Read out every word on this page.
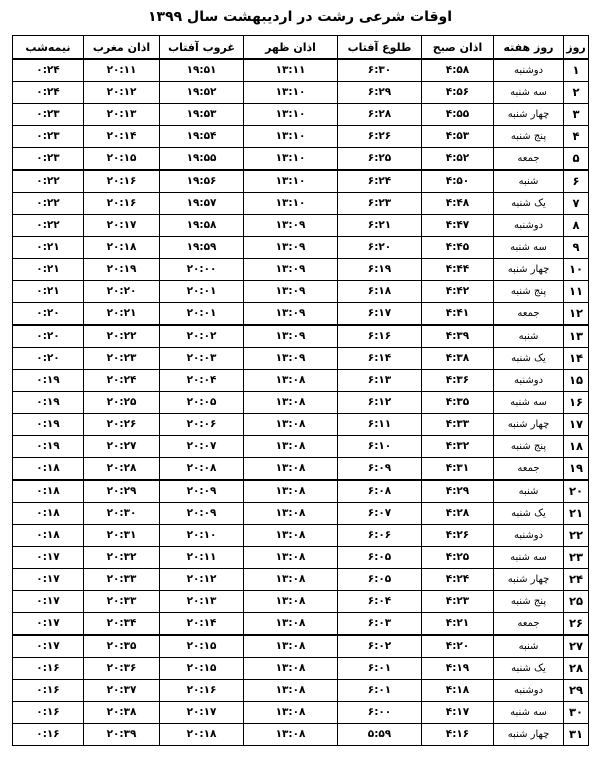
اوقات شرعی رشت در اردیبهشت سال ۱۳۹۹
روز	روز هفته	اذان صبح	طلوع آفتاب	اذان ظهر	غروب آفتاب	اذان مغرب	نیمه‌شب
۱	دوشنبه	۴:۵۸	۶:۳۰	۱۳:۱۱	۱۹:۵۱	۲۰:۱۱	۰:۲۴
۲	سه شنبه	۴:۵۶	۶:۲۹	۱۳:۱۰	۱۹:۵۲	۲۰:۱۲	۰:۲۴
۳	چهار شنبه	۴:۵۵	۶:۲۸	۱۳:۱۰	۱۹:۵۳	۲۰:۱۳	۰:۲۳
۴	پنج شنبه	۴:۵۳	۶:۲۶	۱۳:۱۰	۱۹:۵۴	۲۰:۱۴	۰:۲۳
۵	جمعه	۴:۵۲	۶:۲۵	۱۳:۱۰	۱۹:۵۵	۲۰:۱۵	۰:۲۳
۶	شنبه	۴:۵۰	۶:۲۴	۱۳:۱۰	۱۹:۵۶	۲۰:۱۶	۰:۲۲
۷	یک شنبه	۴:۴۸	۶:۲۳	۱۳:۱۰	۱۹:۵۷	۲۰:۱۶	۰:۲۲
۸	دوشنبه	۴:۴۷	۶:۲۱	۱۳:۰۹	۱۹:۵۸	۲۰:۱۷	۰:۲۲
۹	سه شنبه	۴:۴۵	۶:۲۰	۱۳:۰۹	۱۹:۵۹	۲۰:۱۸	۰:۲۱
۱۰	چهار شنبه	۴:۴۴	۶:۱۹	۱۳:۰۹	۲۰:۰۰	۲۰:۱۹	۰:۲۱
۱۱	پنج شنبه	۴:۴۲	۶:۱۸	۱۳:۰۹	۲۰:۰۱	۲۰:۲۰	۰:۲۱
۱۲	جمعه	۴:۴۱	۶:۱۷	۱۳:۰۹	۲۰:۰۱	۲۰:۲۱	۰:۲۰
۱۳	شنبه	۴:۳۹	۶:۱۶	۱۳:۰۹	۲۰:۰۲	۲۰:۲۲	۰:۲۰
۱۴	یک شنبه	۴:۳۸	۶:۱۴	۱۳:۰۹	۲۰:۰۳	۲۰:۲۳	۰:۲۰
۱۵	دوشنبه	۴:۳۶	۶:۱۳	۱۳:۰۸	۲۰:۰۴	۲۰:۲۴	۰:۱۹
۱۶	سه شنبه	۴:۳۵	۶:۱۲	۱۳:۰۸	۲۰:۰۵	۲۰:۲۵	۰:۱۹
۱۷	چهار شنبه	۴:۳۳	۶:۱۱	۱۳:۰۸	۲۰:۰۶	۲۰:۲۶	۰:۱۹
۱۸	پنج شنبه	۴:۳۲	۶:۱۰	۱۳:۰۸	۲۰:۰۷	۲۰:۲۷	۰:۱۹
۱۹	جمعه	۴:۳۱	۶:۰۹	۱۳:۰۸	۲۰:۰۸	۲۰:۲۸	۰:۱۸
۲۰	شنبه	۴:۲۹	۶:۰۸	۱۳:۰۸	۲۰:۰۹	۲۰:۲۹	۰:۱۸
۲۱	یک شنبه	۴:۲۸	۶:۰۷	۱۳:۰۸	۲۰:۰۹	۲۰:۳۰	۰:۱۸
۲۲	دوشنبه	۴:۲۶	۶:۰۶	۱۳:۰۸	۲۰:۱۰	۲۰:۳۱	۰:۱۸
۲۳	سه شنبه	۴:۲۵	۶:۰۵	۱۳:۰۸	۲۰:۱۱	۲۰:۳۲	۰:۱۷
۲۴	چهار شنبه	۴:۲۴	۶:۰۵	۱۳:۰۸	۲۰:۱۲	۲۰:۳۳	۰:۱۷
۲۵	پنج شنبه	۴:۲۳	۶:۰۴	۱۳:۰۸	۲۰:۱۳	۲۰:۳۳	۰:۱۷
۲۶	جمعه	۴:۲۱	۶:۰۳	۱۳:۰۸	۲۰:۱۴	۲۰:۳۴	۰:۱۷
۲۷	شنبه	۴:۲۰	۶:۰۲	۱۳:۰۸	۲۰:۱۵	۲۰:۳۵	۰:۱۷
۲۸	یک شنبه	۴:۱۹	۶:۰۱	۱۳:۰۸	۲۰:۱۵	۲۰:۳۶	۰:۱۶
۲۹	دوشنبه	۴:۱۸	۶:۰۱	۱۳:۰۸	۲۰:۱۶	۲۰:۳۷	۰:۱۶
۳۰	سه شنبه	۴:۱۷	۶:۰۰	۱۳:۰۸	۲۰:۱۷	۲۰:۳۸	۰:۱۶
۳۱	چهار شنبه	۴:۱۶	۵:۵۹	۱۳:۰۸	۲۰:۱۸	۲۰:۳۹	۰:۱۶
